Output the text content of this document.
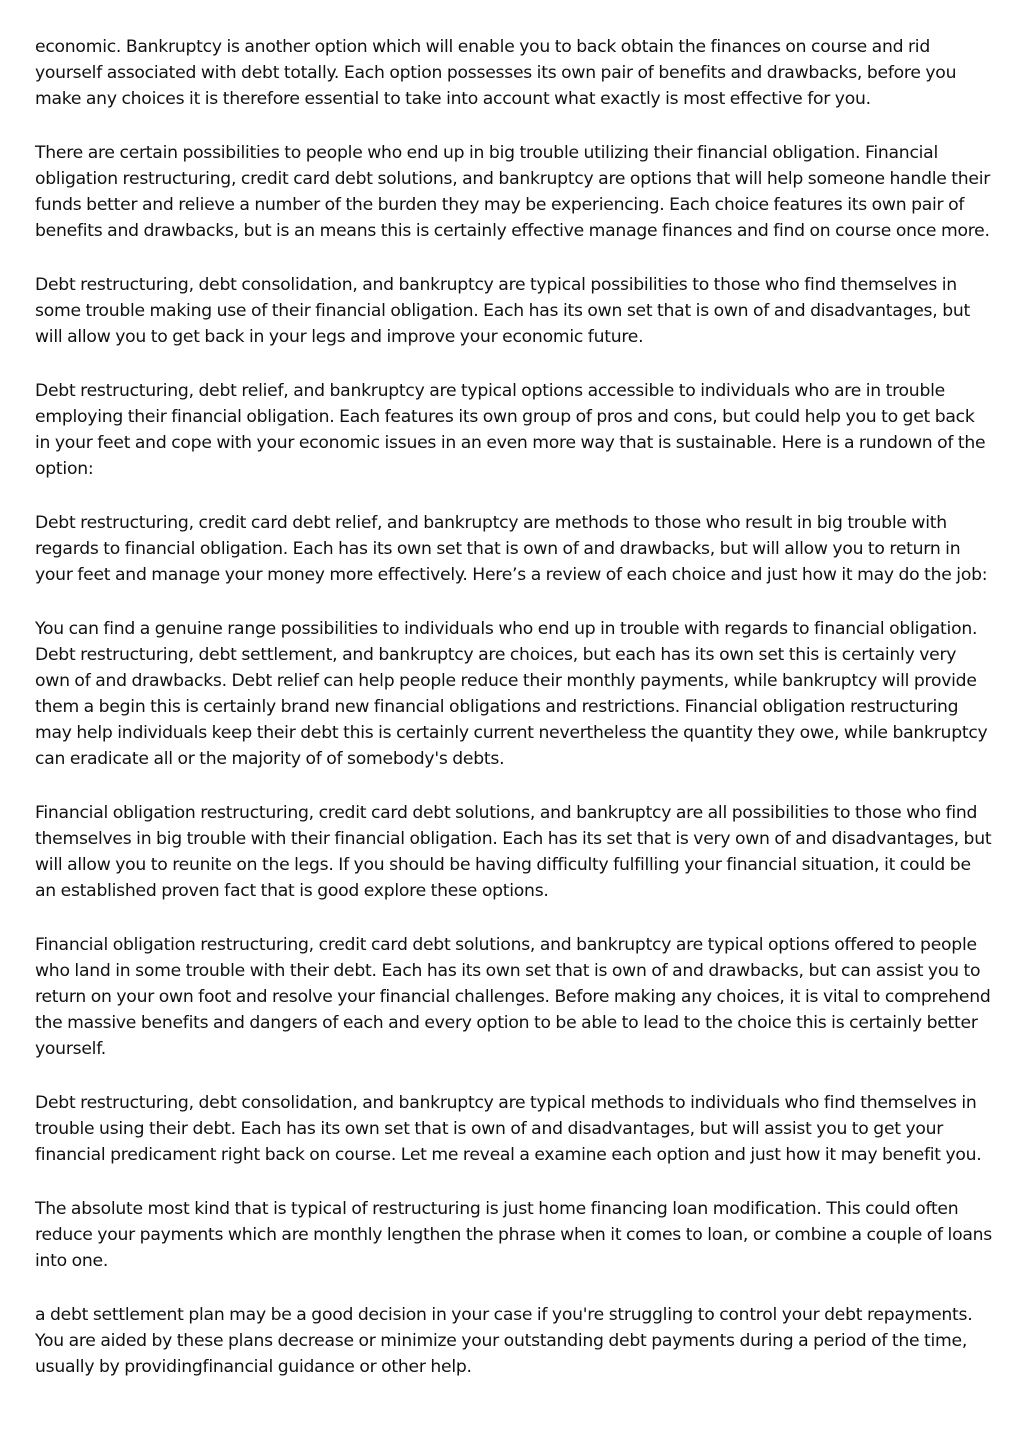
economic. Bankruptcy is another option which will enable you to back obtain the finances on course and rid yourself associated with debt totally. Each option possesses its own pair of benefits and drawbacks, before you make any choices it is therefore essential to take into account what exactly is most effective for you.

There are certain possibilities to people who end up in big trouble utilizing their financial obligation. Financial obligation restructuring, credit card debt solutions, and bankruptcy are options that will help someone handle their funds better and relieve a number of the burden they may be experiencing. Each choice features its own pair of benefits and drawbacks, but is an means this is certainly effective manage finances and find on course once more.

Debt restructuring, debt consolidation, and bankruptcy are typical possibilities to those who find themselves in some trouble making use of their financial obligation. Each has its own set that is own of and disadvantages, but will allow you to get back in your legs and improve your economic future.

Debt restructuring, debt relief, and bankruptcy are typical options accessible to individuals who are in trouble employing their financial obligation. Each features its own group of pros and cons, but could help you to get back in your feet and cope with your economic issues in an even more way that is sustainable. Here is a rundown of the option:

Debt restructuring, credit card debt relief, and bankruptcy are methods to those who result in big trouble with regards to financial obligation. Each has its own set that is own of and drawbacks, but will allow you to return in your feet and manage your money more effectively. Here’s a review of each choice and just how it may do the job:

You can find a genuine range possibilities to individuals who end up in trouble with regards to financial obligation. Debt restructuring, debt settlement, and bankruptcy are choices, but each has its own set this is certainly very own of and drawbacks. Debt relief can help people reduce their monthly payments, while bankruptcy will provide them a begin this is certainly brand new financial obligations and restrictions. Financial obligation restructuring may help individuals keep their debt this is certainly current nevertheless the quantity they owe, while bankruptcy can eradicate all or the majority of of somebody's debts.

Financial obligation restructuring, credit card debt solutions, and bankruptcy are all possibilities to those who find themselves in big trouble with their financial obligation. Each has its set that is very own of and disadvantages, but will allow you to reunite on the legs. If you should be having difficulty fulfilling your financial situation, it could be an established proven fact that is good explore these options.

Financial obligation restructuring, credit card debt solutions, and bankruptcy are typical options offered to people who land in some trouble with their debt. Each has its own set that is own of and drawbacks, but can assist you to return on your own foot and resolve your financial challenges. Before making any choices, it is vital to comprehend the massive benefits and dangers of each and every option to be able to lead to the choice this is certainly better yourself.

Debt restructuring, debt consolidation, and bankruptcy are typical methods to individuals who find themselves in trouble using their debt. Each has its own set that is own of and disadvantages, but will assist you to get your financial predicament right back on course. Let me reveal a examine each option and just how it may benefit you.

The absolute most kind that is typical of restructuring is just home financing loan modification. This could often reduce your payments which are monthly lengthen the phrase when it comes to loan, or combine a couple of loans into one.

a debt settlement plan may be a good decision in your case if you're struggling to control your debt repayments. You are aided by these plans decrease or minimize your outstanding debt payments during a period of the time, usually by providingfinancial guidance or other help.
